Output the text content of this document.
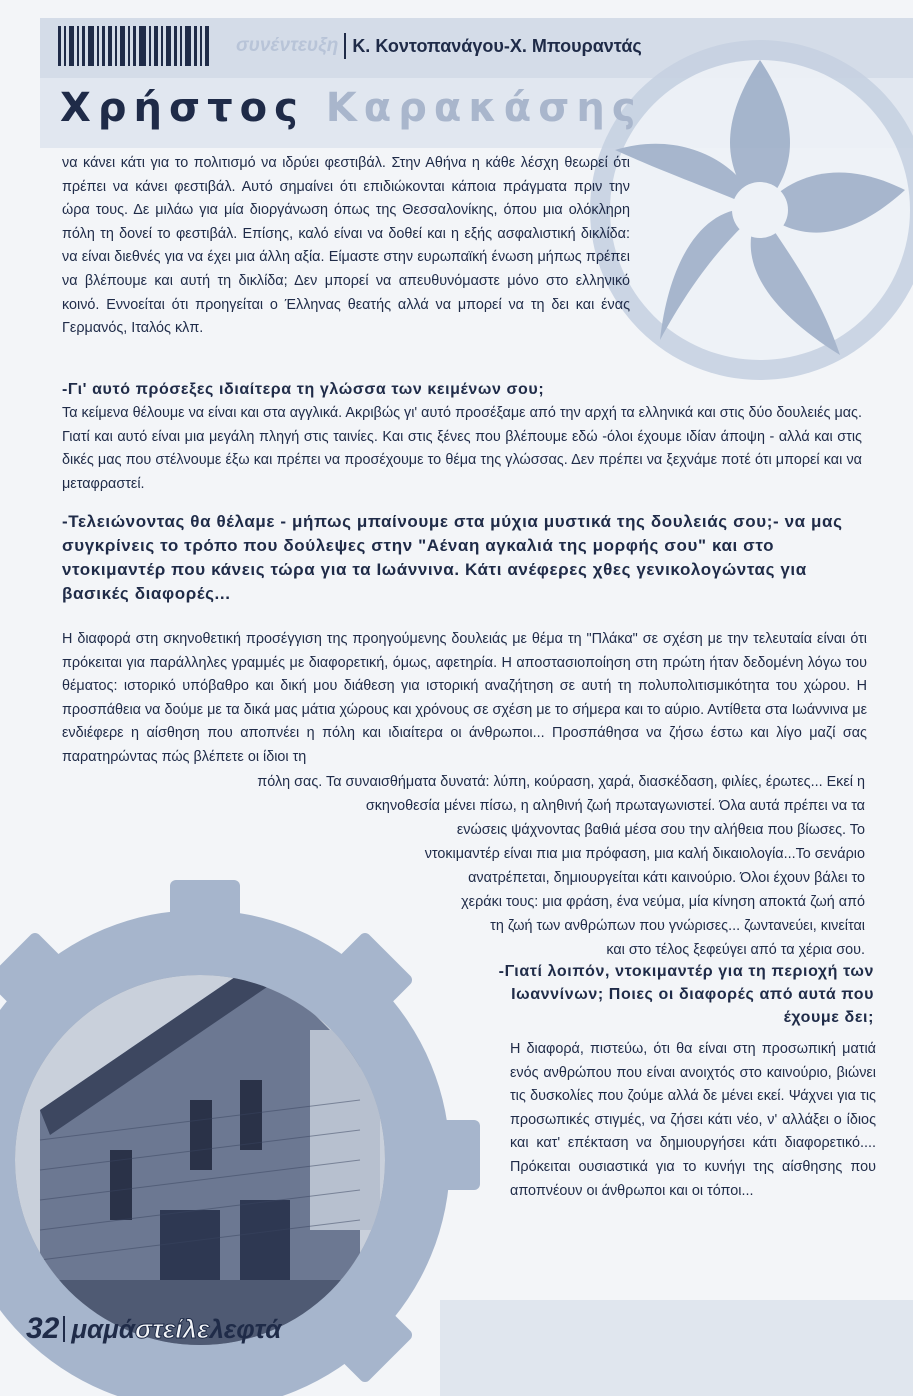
συνέντευξη Κ. Κοντοπανάγου-Χ. Μπουραντάς
Χρήστος Καρακάσης
να κάνει κάτι για το πολιτισμό να ιδρύει φεστιβάλ. Στην Αθήνα η κάθε λέσχη θεωρεί ότι πρέπει να κάνει φεστιβάλ. Αυτό σημαίνει ότι επιδιώκονται κάποια πράγματα πριν την ώρα τους. Δε μιλάω για μία διοργάνωση όπως της Θεσσαλονίκης, όπου μια ολόκληρη πόλη τη δονεί το φεστιβάλ. Επίσης, καλό είναι να δοθεί και η εξής ασφαλιστική δικλίδα: να είναι διεθνές για να έχει μια άλλη αξία. Είμαστε στην ευρωπαϊκή ένωση μήπως πρέπει να βλέπουμε και αυτή τη δικλίδα; Δεν μπορεί να απευθυνόμαστε μόνο στο ελληνικό κοινό. Εννοείται ότι προηγείται ο Έλληνας θεατής αλλά να μπορεί να τη δει και ένας Γερμανός, Ιταλός κλπ.
-Γι' αυτό πρόσεξες ιδιαίτερα τη γλώσσα των κειμένων σου;
Τα κείμενα θέλουμε να είναι και στα αγγλικά. Ακριβώς γι' αυτό προσέξαμε από την αρχή τα ελληνικά και στις δύο δουλειές μας. Γιατί και αυτό είναι μια μεγάλη πληγή στις ταινίες. Και στις ξένες που βλέπουμε εδώ -όλοι έχουμε ιδίαν άποψη - αλλά και στις δικές μας που στέλνουμε έξω και πρέπει να προσέχουμε το θέμα της γλώσσας. Δεν πρέπει να ξεχνάμε ποτέ ότι μπορεί και να μεταφραστεί.
-Τελειώνοντας θα θέλαμε - μήπως μπαίνουμε στα μύχια μυστικά της δουλειάς σου;- να μας συγκρίνεις το τρόπο που δούλεψες στην "Αέναη αγκαλιά της μορφής σου" και στο ντοκιμαντέρ που κάνεις τώρα για τα Ιωάννινα. Κάτι ανέφερες χθες γενικολογώντας για βασικές διαφορές...
Η διαφορά στη σκηνοθετική προσέγγιση της προηγούμενης δουλειάς με θέμα τη "Πλάκα" σε σχέση με την τελευταία είναι ότι πρόκειται για παράλληλες γραμμές με διαφορετική, όμως, αφετηρία. Η αποστασιοποίηση στη πρώτη ήταν δεδομένη λόγω του θέματος: ιστορικό υπόβαθρο και δική μου διάθεση για ιστορική αναζήτηση σε αυτή τη πολυπολιτισμικότητα του χώρου. Η προσπάθεια να δούμε με τα δικά μας μάτια χώρους και χρόνους σε σχέση με το σήμερα και το αύριο. Αντίθετα στα Ιωάννινα με ενδιέφερε η αίσθηση που αποπνέει η πόλη και ιδιαίτερα οι άνθρωποι... Προσπάθησα να ζήσω έστω και λίγο μαζί σας παρατηρώντας πώς βλέπετε οι ίδιοι τη
πόλη σας. Τα συναισθήματα δυνατά: λύπη, κούραση, χαρά, διασκέδαση, φιλίες, έρωτες... Εκεί η
σκηνοθεσία μένει πίσω, η αληθινή ζωή πρωταγωνιστεί. Όλα αυτά πρέπει να τα
ενώσεις ψάχνοντας βαθιά μέσα σου την αλήθεια που βίωσες. Το
ντοκιμαντέρ είναι πια μια πρόφαση, μια καλή δικαιολογία...Το σενάριο
ανατρέπεται, δημιουργείται κάτι καινούριο. Όλοι έχουν βάλει το
χεράκι τους: μια φράση, ένα νεύμα, μία κίνηση αποκτά ζωή από
τη ζωή των ανθρώπων που γνώρισες... ζωντανεύει, κινείται
και στο τέλος ξεφεύγει από τα χέρια σου.
-Γιατί λοιπόν, ντοκιμαντέρ για τη περιοχή των Ιωαννίνων; Ποιες οι διαφορές από αυτά που έχουμε δει;
Η διαφορά, πιστεύω, ότι θα είναι στη προσωπική ματιά ενός ανθρώπου που είναι ανοιχτός στο καινούριο, βιώνει τις δυσκολίες που ζούμε αλλά δε μένει εκεί. Ψάχνει για τις προσωπικές στιγμές, να ζήσει κάτι νέο, ν' αλλάξει ο ίδιος και κατ' επέκταση να δημιουργήσει κάτι διαφορετικό.... Πρόκειται ουσιαστικά για το κυνήγι της αίσθησης που αποπνέουν οι άνθρωποι και οι τόποι...
32 μαμά στείλε λεφτά
